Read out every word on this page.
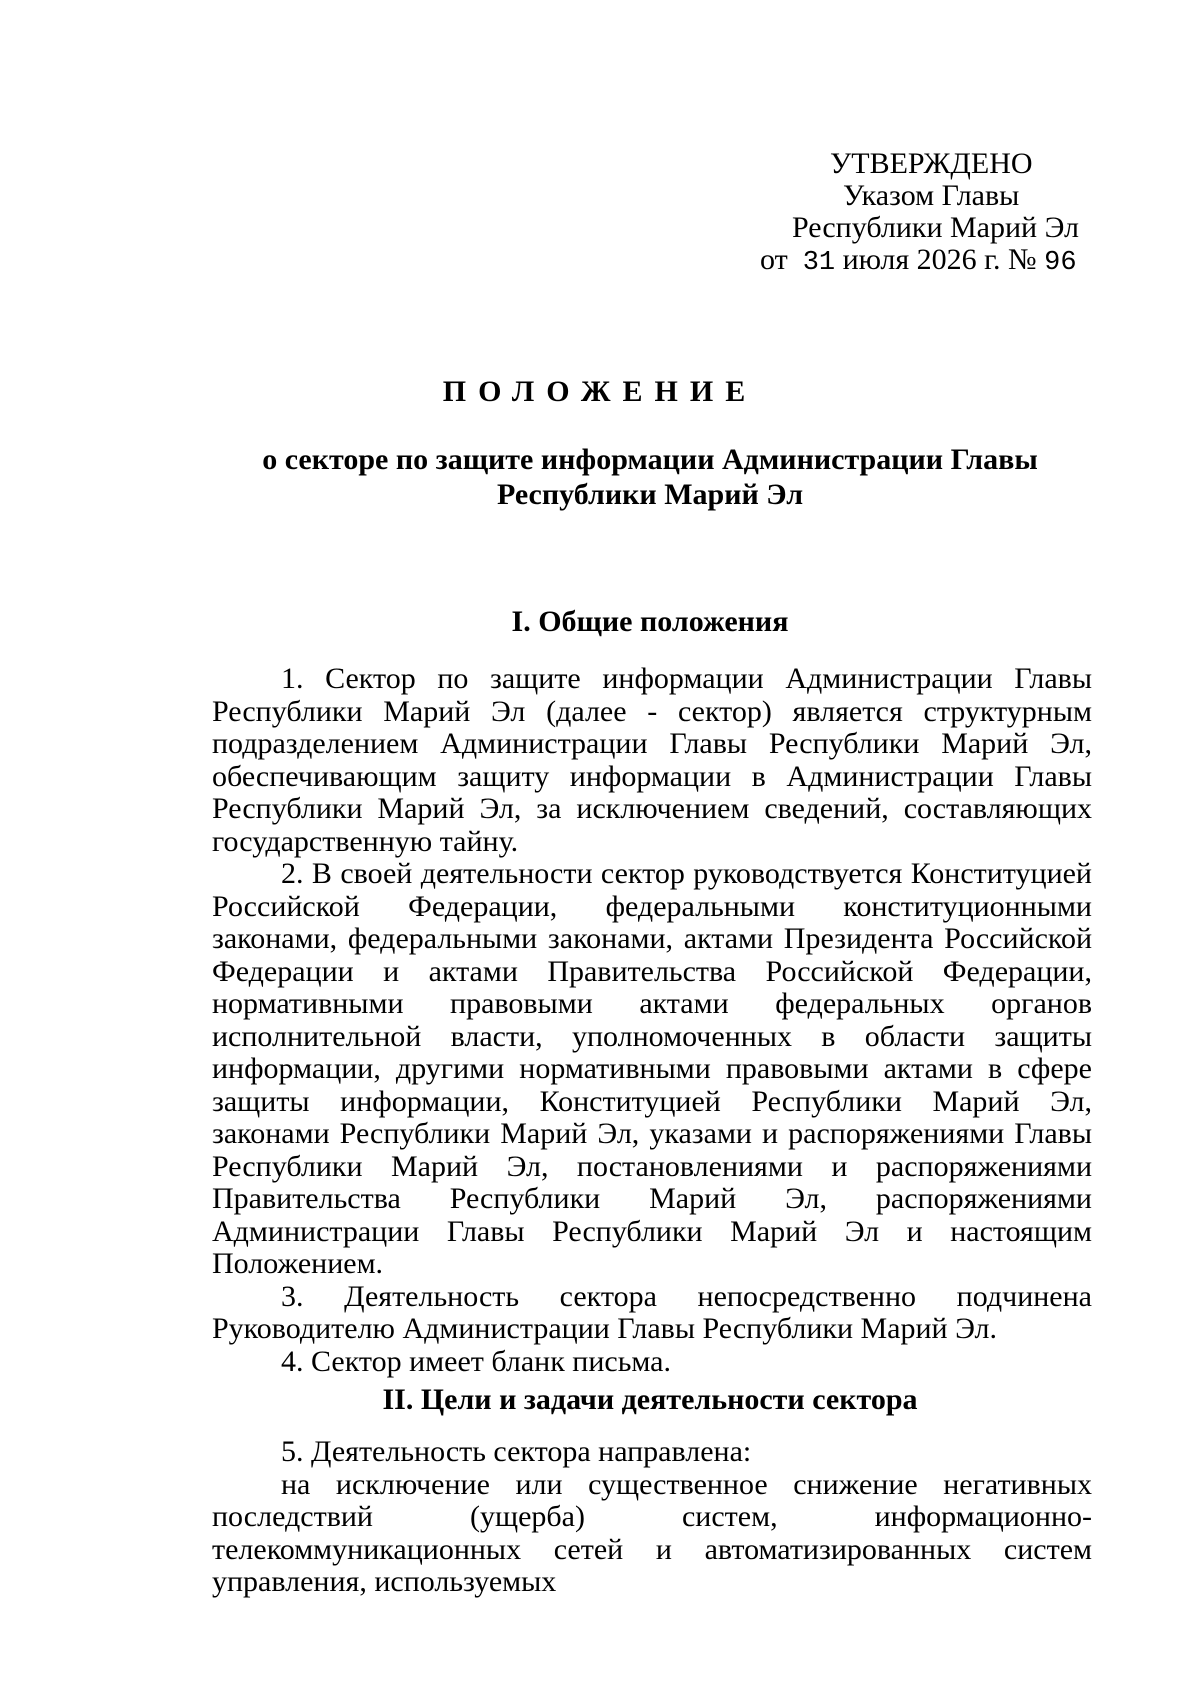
УТВЕРЖДЕНО
Указом Главы
Республики Марий Эл
от 31 июля 2026 г. № 96
ПОЛОЖЕНИЕ
о секторе по защите информации Администрации Главы
Республики Марий Эл
I. Общие положения

1. Сектор по защите информации Администрации Главы Республики Марий Эл (далее - сектор) является структурным подразделением Администрации Главы Республики Марий Эл, обеспечивающим защиту информации в Администрации Главы Республики Марий Эл, за исключением сведений, составляющих государственную тайну.

2. В своей деятельности сектор руководствуется Конституцией Российской Федерации, федеральными конституционными законами, федеральными законами, актами Президента Российской Федерации и актами Правительства Российской Федерации, нормативными правовыми актами федеральных органов исполнительной власти, уполномоченных в области защиты информации, другими нормативными правовыми актами в сфере защиты информации, Конституцией Республики Марий Эл, законами Республики Марий Эл, указами и распоряжениями Главы Республики Марий Эл, постановлениями и распоряжениями Правительства Республики Марий Эл, распоряжениями Администрации Главы Республики Марий Эл и настоящим Положением.

3. Деятельность сектора непосредственно подчинена Руководителю Администрации Главы Республики Марий Эл.

4. Сектор имеет бланк письма.

II. Цели и задачи деятельности сектора

5. Деятельность сектора направлена:

на исключение или существенное снижение негативных последствий (ущерба) систем, информационно-телекоммуникационных сетей и автоматизированных систем управления, используемых
